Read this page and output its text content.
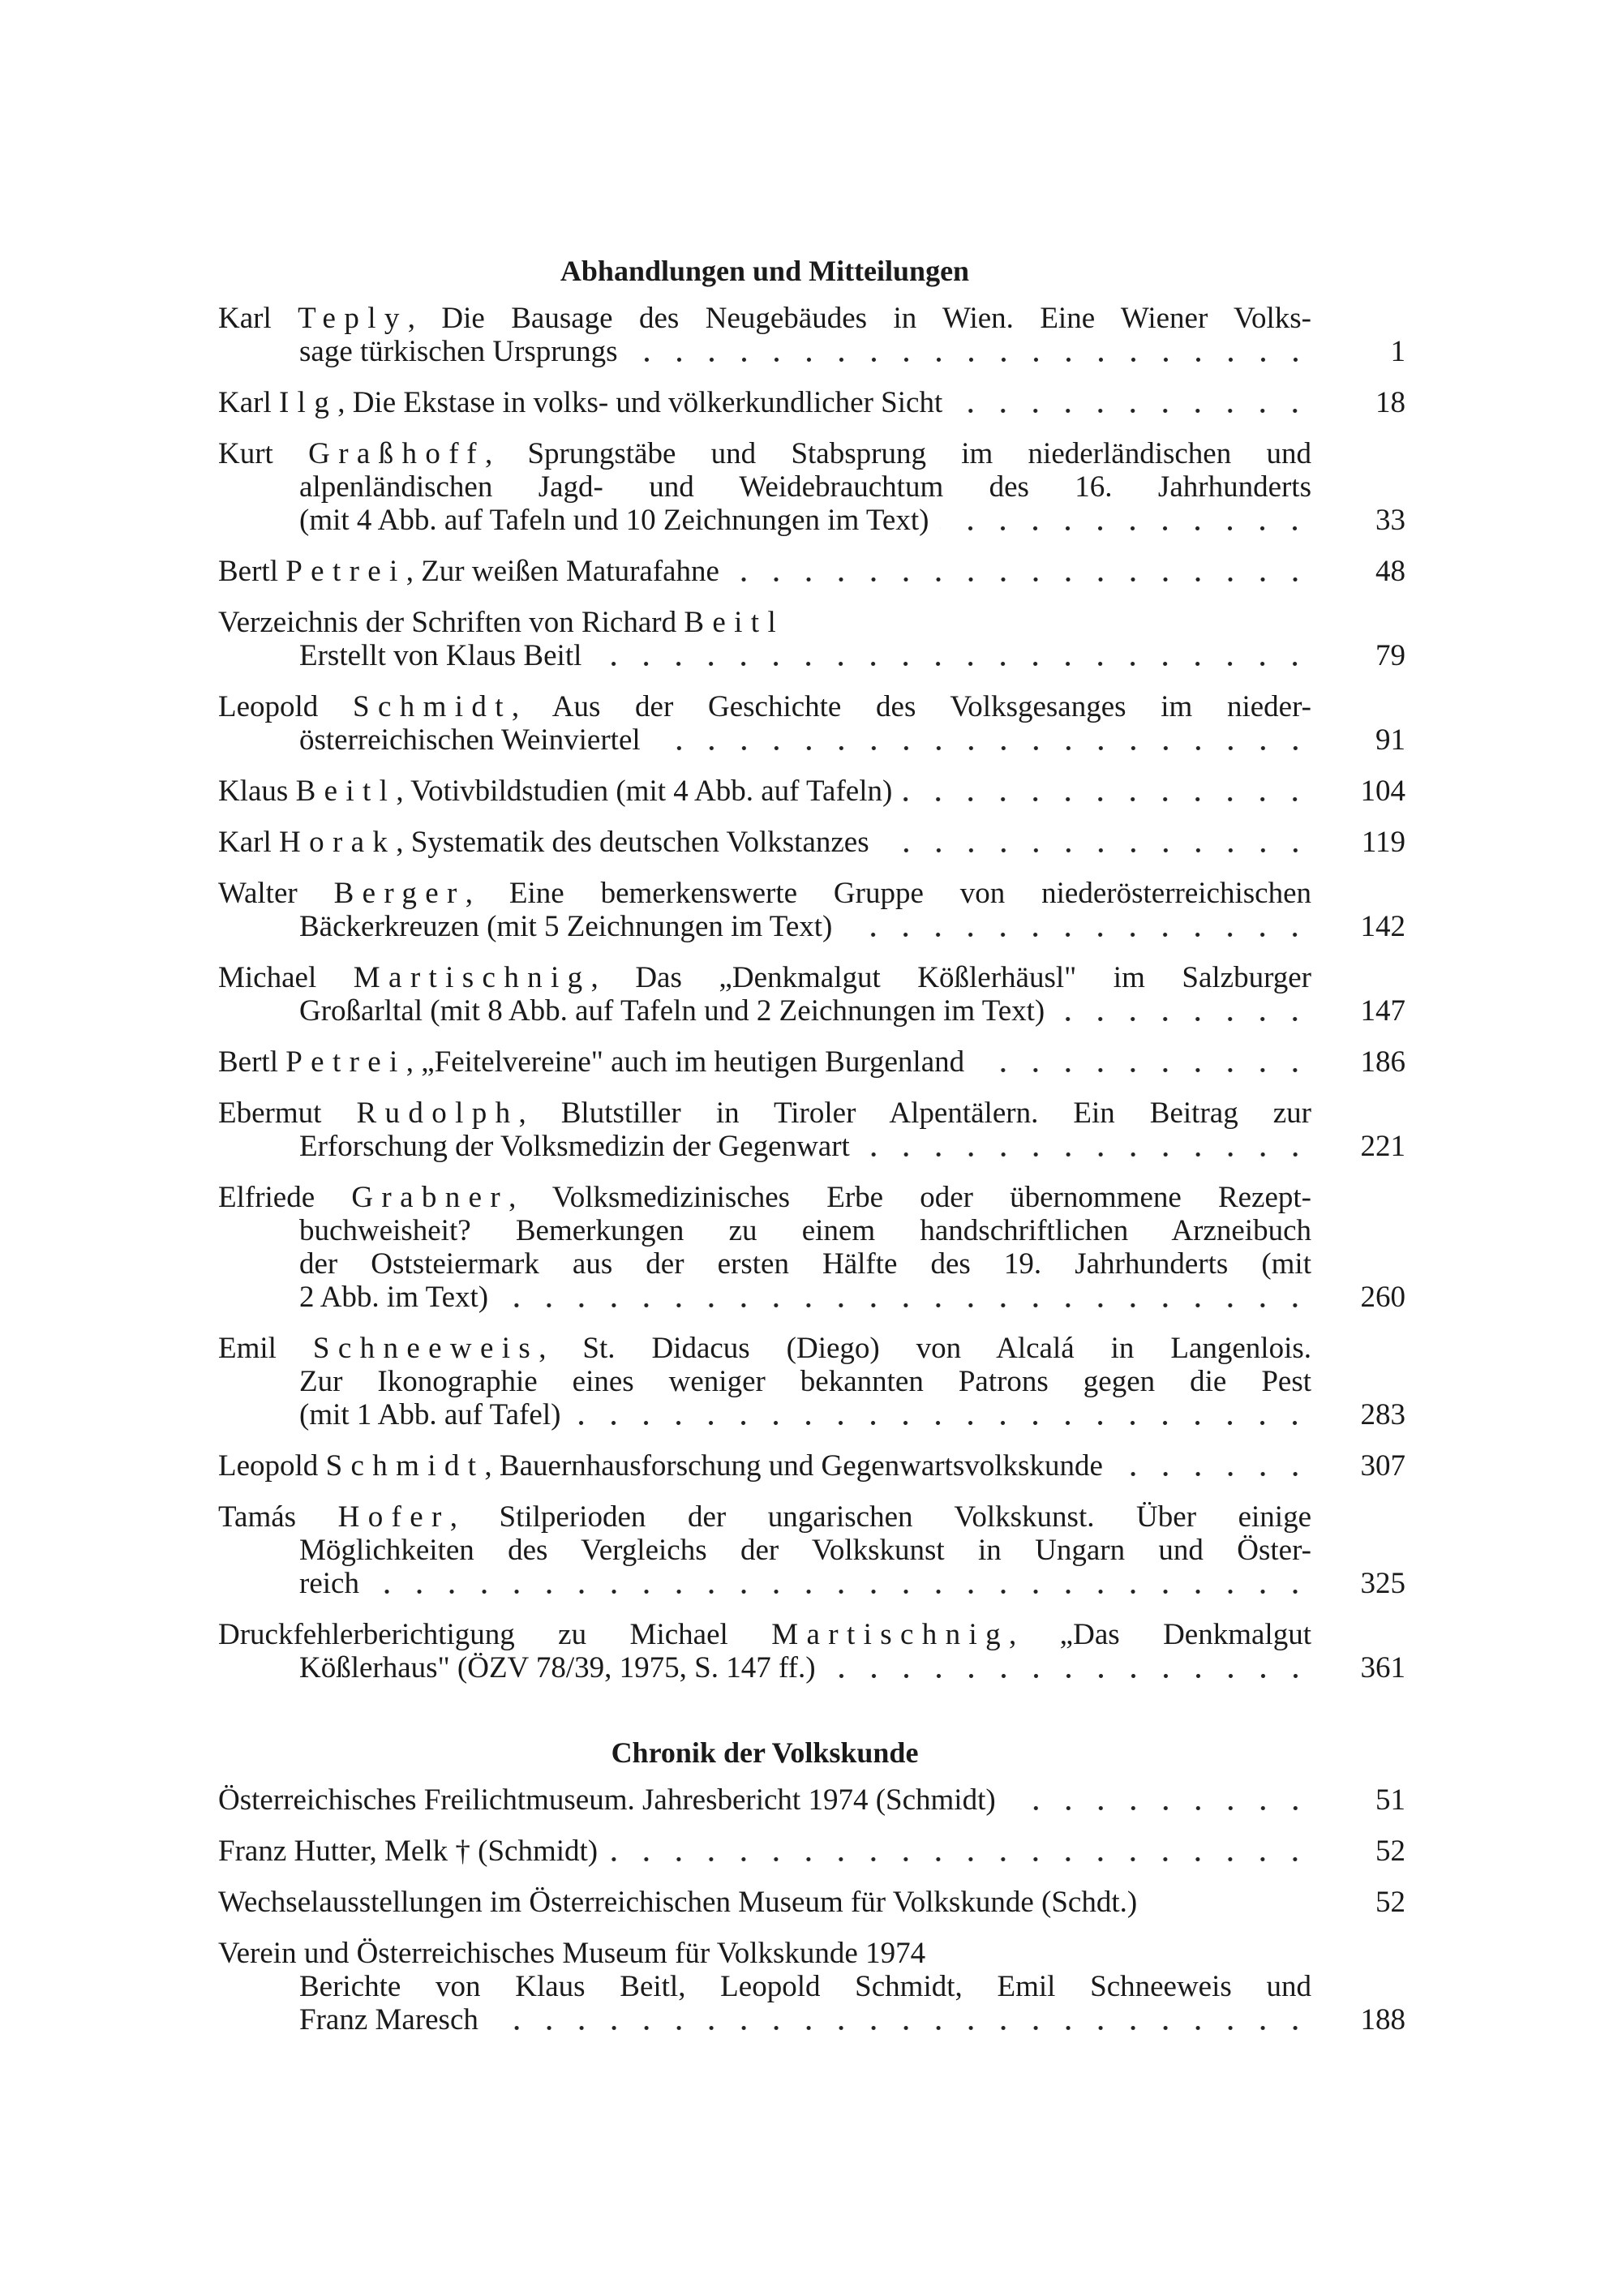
Abhandlungen und Mitteilungen
Karl Teply, Die Bausage des Neugebäudes in Wien. Eine Wiener Volks-
sage türkischen Ursprungs	1
Karl Ilg, Die Ekstase in volks- und völkerkundlicher Sicht	18
Kurt Graßhoff, Sprungstäbe und Stabsprung im niederländischen und
alpenländischen Jagd- und Weidebrauchtum des 16. Jahrhunderts
(mit 4 Abb. auf Tafeln und 10 Zeichnungen im Text)	33
Bertl Petrei, Zur weißen Maturafahne	48
Verzeichnis der Schriften von Richard Beitl
Erstellt von Klaus Beitl	79
Leopold Schmidt, Aus der Geschichte des Volksgesanges im nieder-
österreichischen Weinviertel	91
Klaus Beitl, Votivbildstudien (mit 4 Abb. auf Tafeln)	104
Karl Horak, Systematik des deutschen Volkstanzes	119
Walter Berger, Eine bemerkenswerte Gruppe von niederösterreichischen
Bäckerkreuzen (mit 5 Zeichnungen im Text)	142
Michael Martischnig, Das „Denkmalgut Kößlerhäusl" im Salzburger
Großarltal (mit 8 Abb. auf Tafeln und 2 Zeichnungen im Text)	147
Bertl Petrei, „Feitelvereine" auch im heutigen Burgenland	186
Ebermut Rudolph, Blutstiller in Tiroler Alpentälern. Ein Beitrag zur
Erforschung der Volksmedizin der Gegenwart	221
Elfriede Grabner, Volksmedizinisches Erbe oder übernommene Rezept-
buchweisheit? Bemerkungen zu einem handschriftlichen Arzneibuch
der Oststeiermark aus der ersten Hälfte des 19. Jahrhunderts (mit
2 Abb. im Text)	260
Emil Schneeweis, St. Didacus (Diego) von Alcalá in Langenlois.
Zur Ikonographie eines weniger bekannten Patrons gegen die Pest
(mit 1 Abb. auf Tafel)	283
Leopold Schmidt, Bauernhausforschung und Gegenwartsvolkskunde	307
Tamás Hofer, Stilperioden der ungarischen Volkskunst. Über einige
Möglichkeiten des Vergleichs der Volkskunst in Ungarn und Öster-
reich	325
Druckfehlerberichtigung zu Michael Martischnig, „Das Denkmalgut
Kößlerhaus" (ÖZV 78/39, 1975, S. 147 ff.)	361
Chronik der Volkskunde
Österreichisches Freilichtmuseum. Jahresbericht 1974 (Schmidt)	51
Franz Hutter, Melk † (Schmidt)	52
Wechselausstellungen im Österreichischen Museum für Volkskunde (Schdt.)	52
Verein und Österreichisches Museum für Volkskunde 1974
Berichte von Klaus Beitl, Leopold Schmidt, Emil Schneeweis und
Franz Maresch	188
